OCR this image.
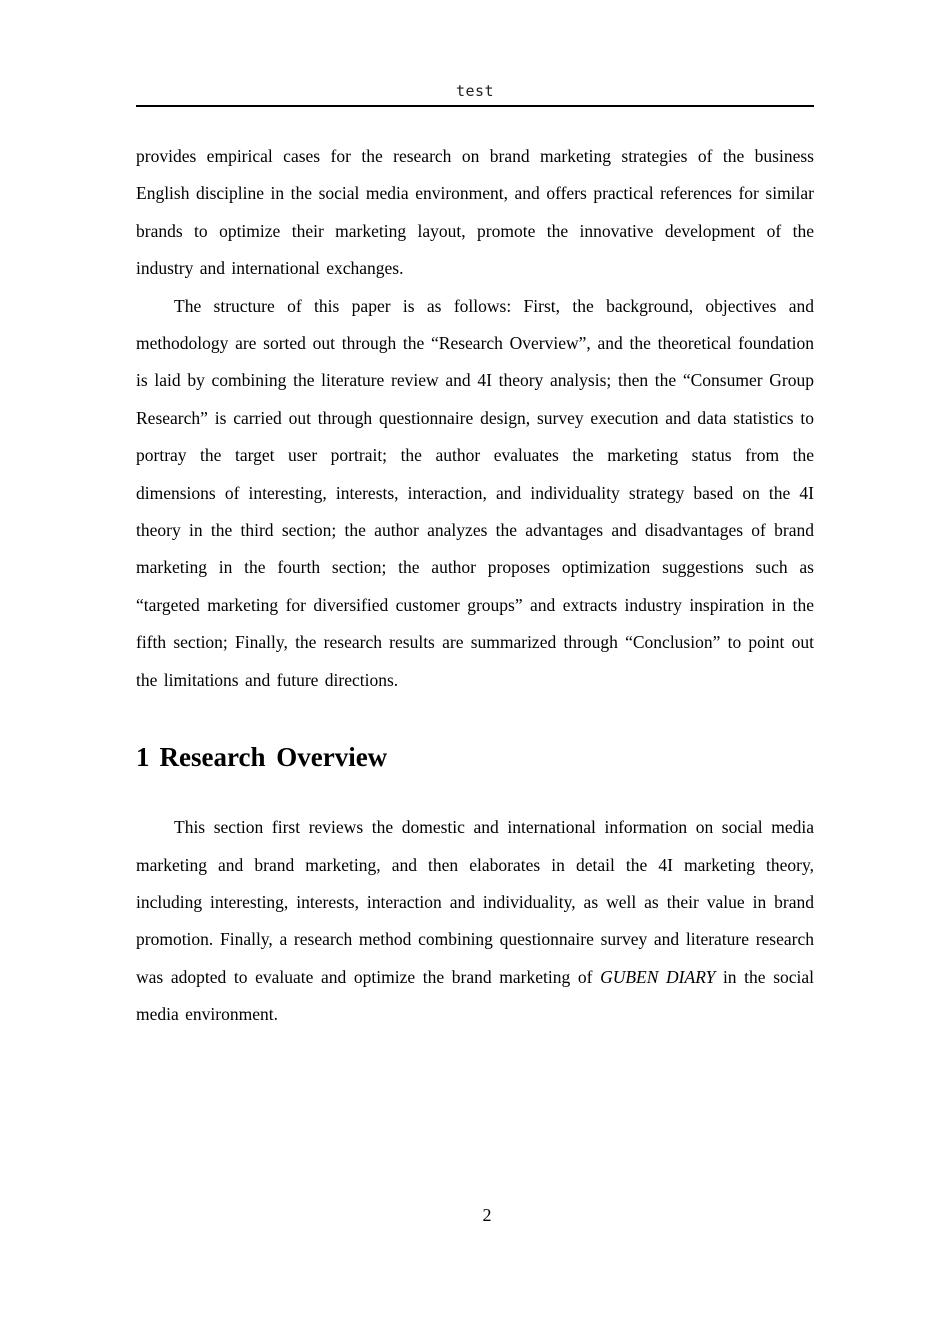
test

provides empirical cases for the research on brand marketing strategies of the business English discipline in the social media environment, and offers practical references for similar brands to optimize their marketing layout, promote the innovative development of the industry and international exchanges.

The structure of this paper is as follows: First, the background, objectives and methodology are sorted out through the “Research Overview”, and the theoretical foundation is laid by combining the literature review and 4I theory analysis; then the “Consumer Group Research” is carried out through questionnaire design, survey execution and data statistics to portray the target user portrait; the author evaluates the marketing status from the dimensions of interesting, interests, interaction, and individuality strategy based on the 4I theory in the third section; the author analyzes the advantages and disadvantages of brand marketing in the fourth section; the author proposes optimization suggestions such as “targeted marketing for diversified customer groups” and extracts industry inspiration in the fifth section; Finally, the research results are summarized through “Conclusion” to point out the limitations and future directions.

1 Research Overview

This section first reviews the domestic and international information on social media marketing and brand marketing, and then elaborates in detail the 4I marketing theory, including interesting, interests, interaction and individuality, as well as their value in brand promotion. Finally, a research method combining questionnaire survey and literature research was adopted to evaluate and optimize the brand marketing of GUBEN DIARY in the social media environment.

2
